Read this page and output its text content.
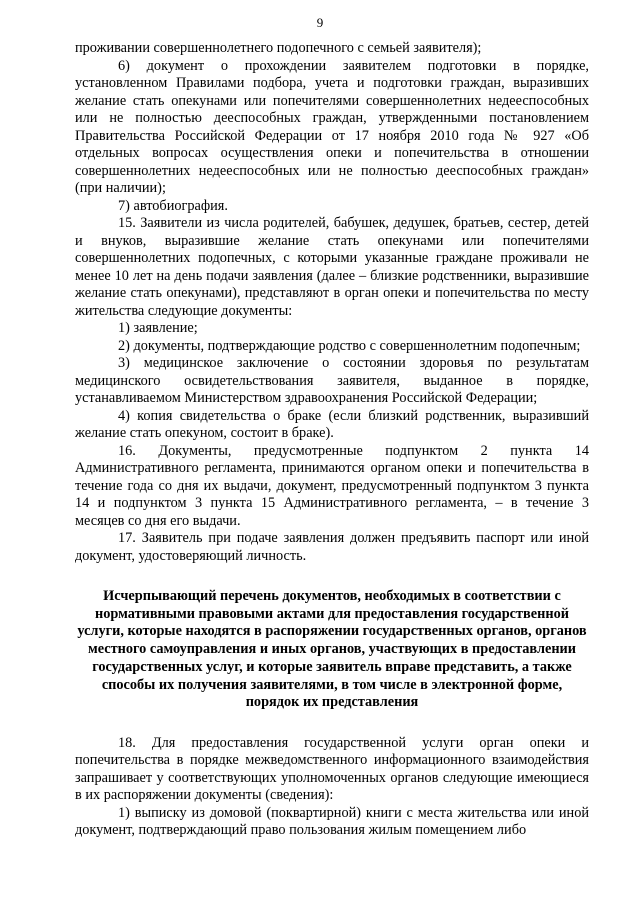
9

проживании совершеннолетнего подопечного с семьей заявителя);

6) документ о прохождении заявителем подготовки в порядке, установленном Правилами подбора, учета и подготовки граждан, выразивших желание стать опекунами или попечителями совершеннолетних недееспособных или не полностью дееспособных граждан, утвержденными постановлением Правительства Российской Федерации от 17 ноября 2010 года № 927 «Об отдельных вопросах осуществления опеки и попечительства в отношении совершеннолетних недееспособных или не полностью дееспособных граждан» (при наличии);

7) автобиография.

15. Заявители из числа родителей, бабушек, дедушек, братьев, сестер, детей и внуков, выразившие желание стать опекунами или попечителями совершеннолетних подопечных, с которыми указанные граждане проживали не менее 10 лет на день подачи заявления (далее – близкие родственники, выразившие желание стать опекунами), представляют в орган опеки и попечительства по месту жительства следующие документы:

1) заявление;

2) документы, подтверждающие родство с совершеннолетним подопечным;

3) медицинское заключение о состоянии здоровья по результатам медицинского освидетельствования заявителя, выданное в порядке, устанавливаемом Министерством здравоохранения Российской Федерации;

4) копия свидетельства о браке (если близкий родственник, выразивший желание стать опекуном, состоит в браке).

16. Документы, предусмотренные подпунктом 2 пункта 14 Административного регламента, принимаются органом опеки и попечительства в течение года со дня их выдачи, документ, предусмотренный подпунктом 3 пункта 14 и подпунктом 3 пункта 15 Административного регламента, – в течение 3 месяцев со дня его выдачи.

17. Заявитель при подаче заявления должен предъявить паспорт или иной документ, удостоверяющий личность.

Исчерпывающий перечень документов, необходимых в соответствии с нормативными правовыми актами для предоставления государственной услуги, которые находятся в распоряжении государственных органов, органов местного самоуправления и иных органов, участвующих в предоставлении государственных услуг, и которые заявитель вправе представить, а также способы их получения заявителями, в том числе в электронной форме, порядок их представления

18. Для предоставления государственной услуги орган опеки и попечительства в порядке межведомственного информационного взаимодействия запрашивает у соответствующих уполномоченных органов следующие имеющиеся в их распоряжении документы (сведения):

1) выписку из домовой (поквартирной) книги с места жительства или иной документ, подтверждающий право пользования жилым помещением либо
